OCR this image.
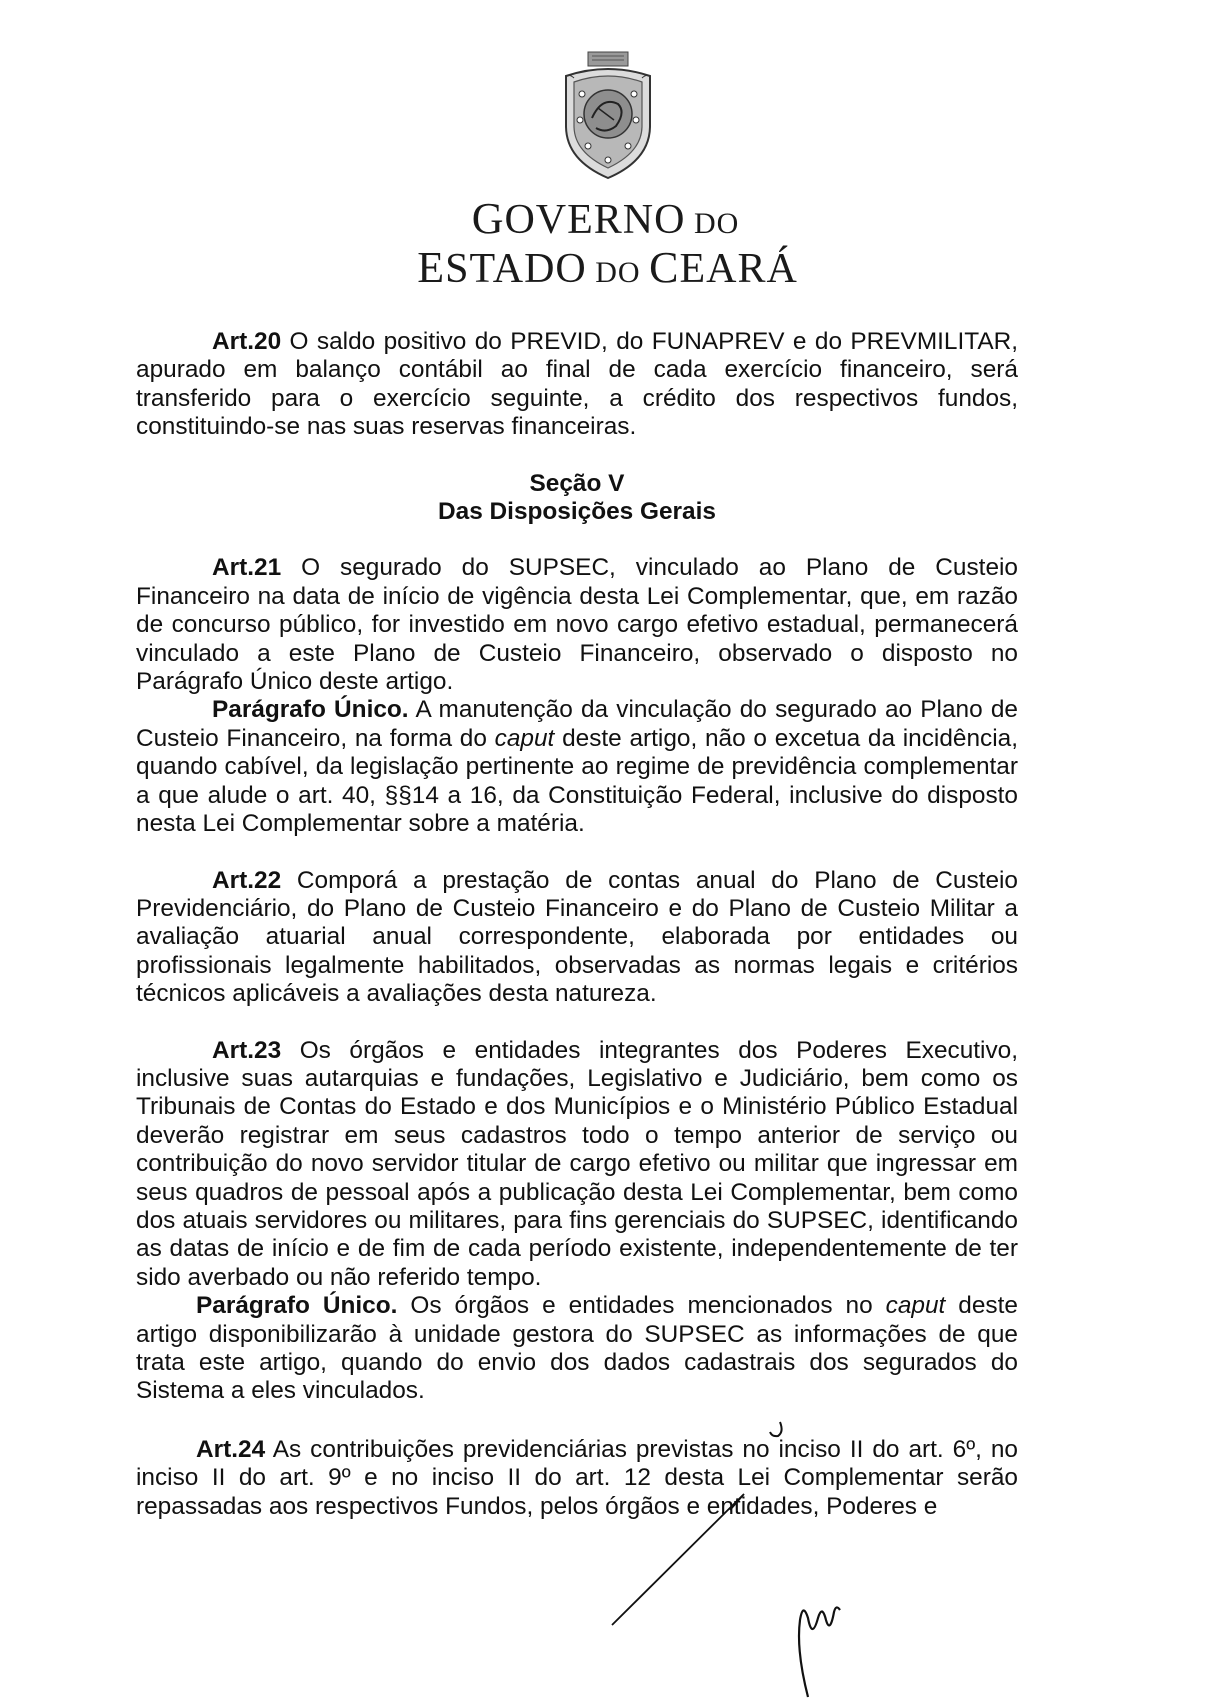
GOVERNO DO
ESTADO DO CEARÁ

Art.20 O saldo positivo do PREVID, do FUNAPREV e do PREVMILITAR, apurado em balanço contábil ao final de cada exercício financeiro, será transferido para o exercício seguinte, a crédito dos respectivos fundos, constituindo-se nas suas reservas financeiras.

Seção V

Das Disposições Gerais

Art.21 O segurado do SUPSEC, vinculado ao Plano de Custeio Financeiro na data de início de vigência desta Lei Complementar, que, em razão de concurso público, for investido em novo cargo efetivo estadual, permanecerá vinculado a este Plano de Custeio Financeiro, observado o disposto no Parágrafo Único deste artigo.

Parágrafo Único. A manutenção da vinculação do segurado ao Plano de Custeio Financeiro, na forma do caput deste artigo, não o excetua da incidência, quando cabível, da legislação pertinente ao regime de previdência complementar a que alude o art. 40, §§14 a 16, da Constituição Federal, inclusive do disposto nesta Lei Complementar sobre a matéria.

Art.22 Comporá a prestação de contas anual do Plano de Custeio Previdenciário, do Plano de Custeio Financeiro e do Plano de Custeio Militar a avaliação atuarial anual correspondente, elaborada por entidades ou profissionais legalmente habilitados, observadas as normas legais e critérios técnicos aplicáveis a avaliações desta natureza.

Art.23 Os órgãos e entidades integrantes dos Poderes Executivo, inclusive suas autarquias e fundações, Legislativo e Judiciário, bem como os Tribunais de Contas do Estado e dos Municípios e o Ministério Público Estadual deverão registrar em seus cadastros todo o tempo anterior de serviço ou contribuição do novo servidor titular de cargo efetivo ou militar que ingressar em seus quadros de pessoal após a publicação desta Lei Complementar, bem como dos atuais servidores ou militares, para fins gerenciais do SUPSEC, identificando as datas de início e de fim de cada período existente, independentemente de ter sido averbado ou não referido tempo.

Parágrafo Único. Os órgãos e entidades mencionados no caput deste artigo disponibilizarão à unidade gestora do SUPSEC as informações de que trata este artigo, quando do envio dos dados cadastrais dos segurados do Sistema a eles vinculados.

Art.24 As contribuições previdenciárias previstas no inciso II do art. 6º, no inciso II do art. 9º e no inciso II do art. 12 desta Lei Complementar serão repassadas aos respectivos Fundos, pelos órgãos e entidades, Poderes e
